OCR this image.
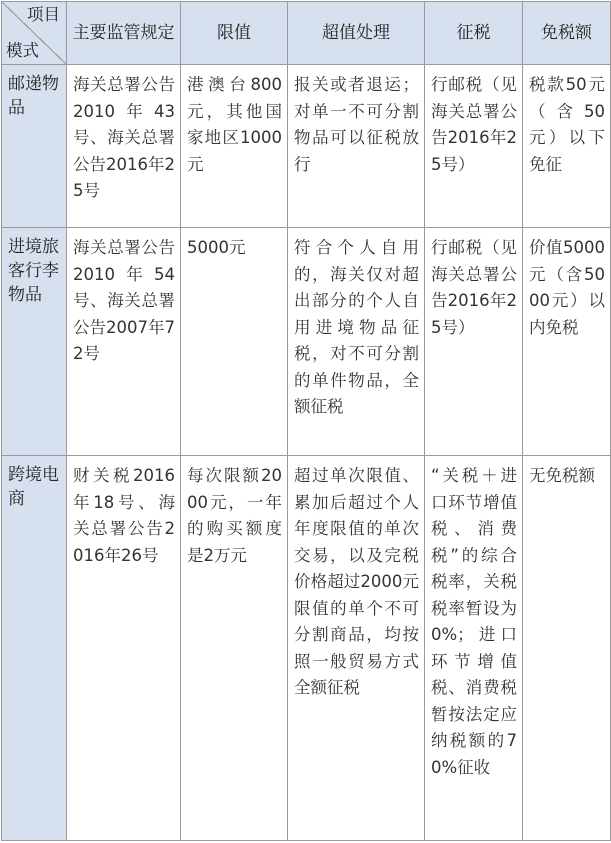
项目
模式	主要监管规定	限值	超值处理	征税	免税额
邮递物品	海关总署公告2010年43号、海关总署公告2016年25号	港澳台800元，其他国家地区1000元	报关或者退运；对单一不可分割物品可以征税放行	行邮税（见海关总署公告2016年25号）	税款50元（含50元）以下免征
进境旅客行李物品	海关总署公告2010年54号、海关总署公告2007年72号	5000元	符合个人自用的，海关仅对超出部分的个人自用进境物品征税，对不可分割的单件物品，全额征税	行邮税（见海关总署公告2016年25号）	价值5000元（含5000元）以内免税
跨境电商	财关税2016年18号、海关总署公告2016年26号	每次限额2000元，一年的购买额度是2万元	超过单次限值、累加后超过个人年度限值的单次交易，以及完税价格超过2000元限值的单个不可分割商品，均按照一般贸易方式全额征税	“关税＋进口环节增值税、消费税”的综合税率，关税税率暂设为0%；进口环节增值税、消费税暂按法定应纳税额的70%征收	无免税额
